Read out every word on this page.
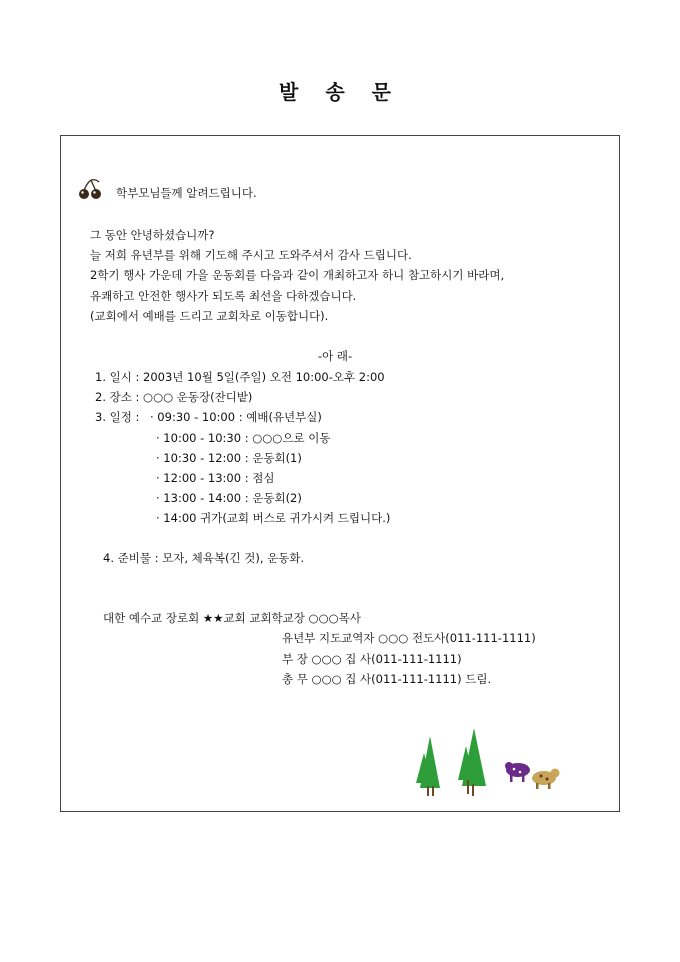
발 송 문
학부모님들께 알려드립니다.
그 동안 안녕하셨습니까?
늘 저희 유년부를 위해 기도해 주시고 도와주셔서 감사 드립니다.
2학기 행사 가운데 가을 운동회를 다음과 같이 개최하고자 하니 참고하시기 바라며,
유쾌하고 안전한 행사가 되도록 최선을 다하겠습니다.
(교회에서 예배를 드리고 교회차로 이동합니다).
-아 래-
1. 일시 : 2003년 10월 5일(주일) 오전 10:00-오후 2:00
2. 장소 : ○○○ 운동장(잔디밭)
3. 일정 : · 09:30 - 10:00 : 예배(유년부실)
· 10:00 - 10:30 : ○○○으로 이동
· 10:30 - 12:00 : 운동회(1)
· 12:00 - 13:00 : 점심
· 13:00 - 14:00 : 운동회(2)
· 14:00 귀가(교회 버스로 귀가시켜 드립니다.)
4. 준비물 : 모자, 체육복(긴 것), 운동화.
대한 예수교 장로회 ★★교회 교회학교장 ○○○목사
유년부 지도교역자 ○○○ 전도사(011-111-1111)
부 장 ○○○ 집 사(011-111-1111)
총 무 ○○○ 집 사(011-111-1111) 드림.
